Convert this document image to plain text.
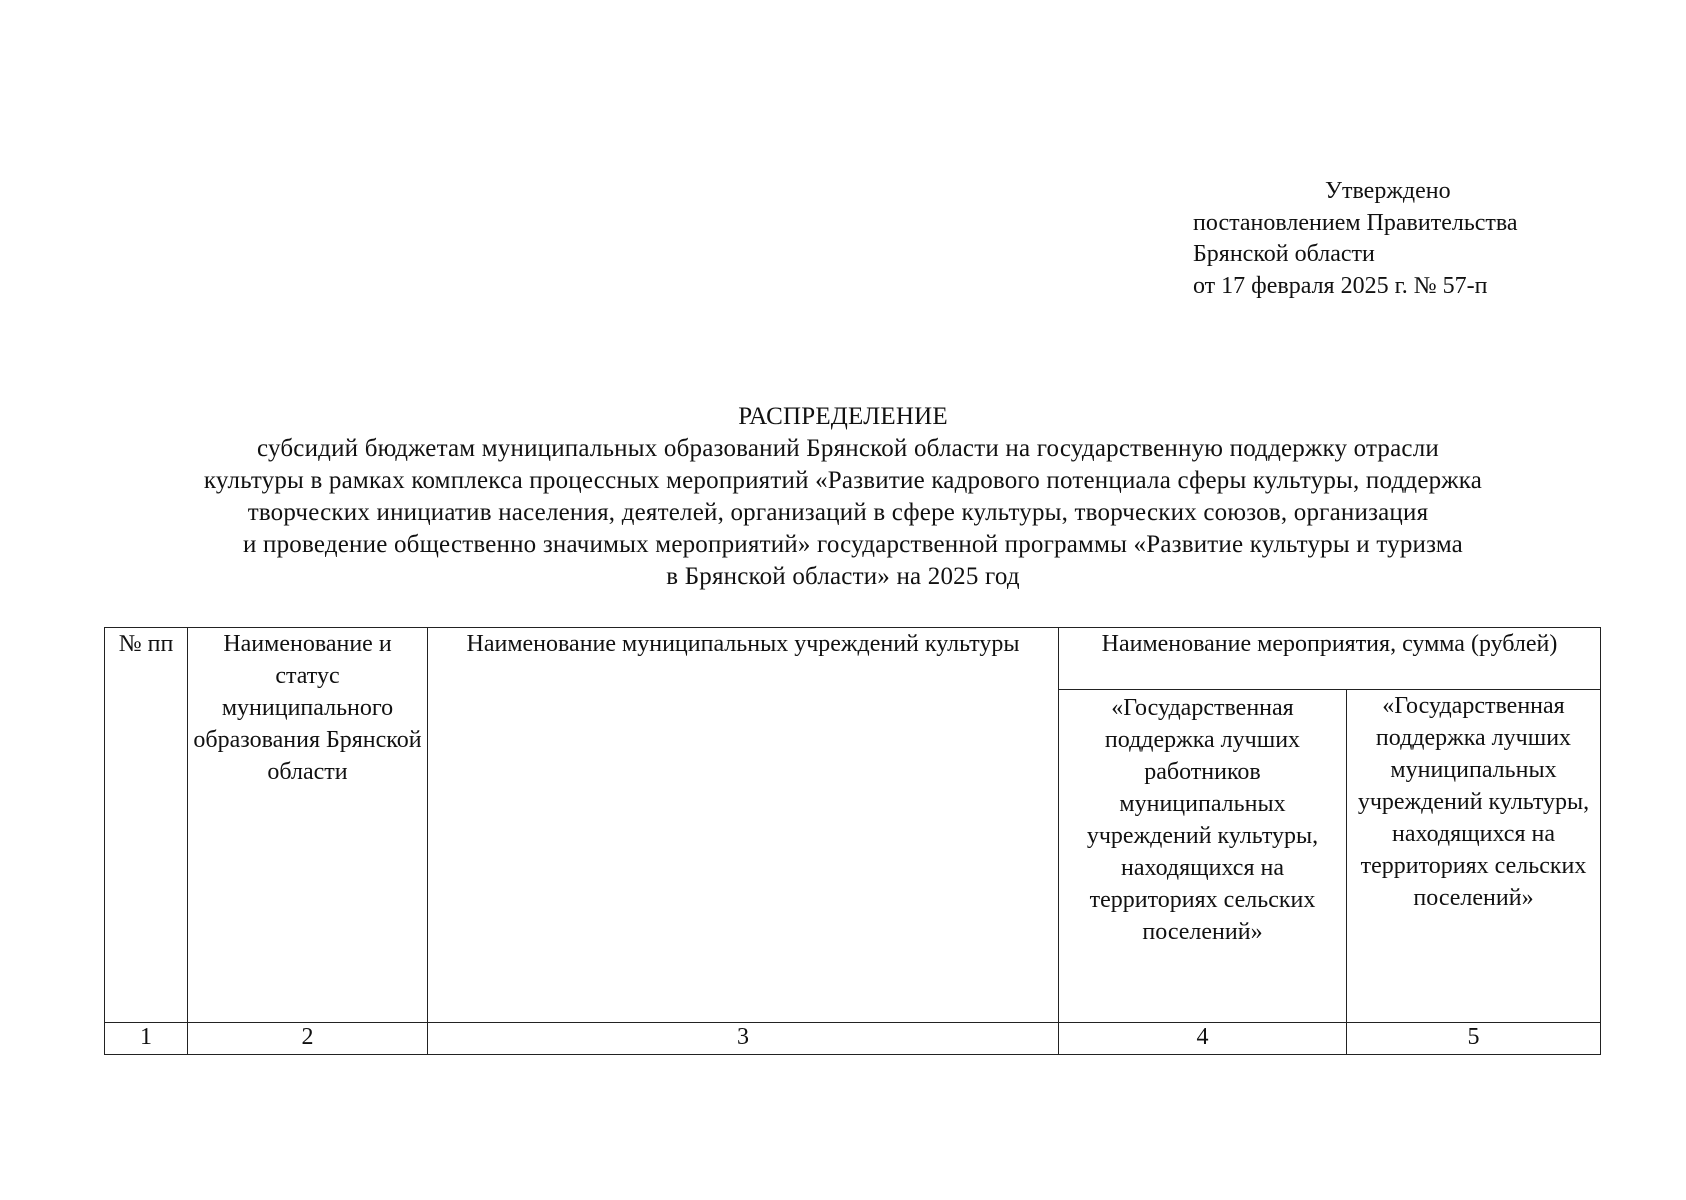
Утверждено
постановлением Правительства
Брянской области
от 17 февраля 2025 г. № 57-п
РАСПРЕДЕЛЕНИЕ
субсидий бюджетам муниципальных образований Брянской области на государственную поддержку отрасли
культуры в рамках комплекса процессных мероприятий «Развитие кадрового потенциала сферы культуры, поддержка
творческих инициатив населения, деятелей, организаций в сфере культуры, творческих союзов, организация
и проведение общественно значимых мероприятий» государственной программы «Развитие культуры и туризма
в Брянской области» на 2025 год
№ пп	Наименование и статус муниципального образования Брянской области	Наименование муниципальных учреждений культуры	Наименование мероприятия, сумма (рублей)	
			«Государственная поддержка лучших работников муниципальных учреждений культуры, находящихся на территориях сельских поселений»	«Государственная поддержка лучших муниципальных учреждений культуры, находящихся на территориях сельских поселений»
1	2	3	4	5
